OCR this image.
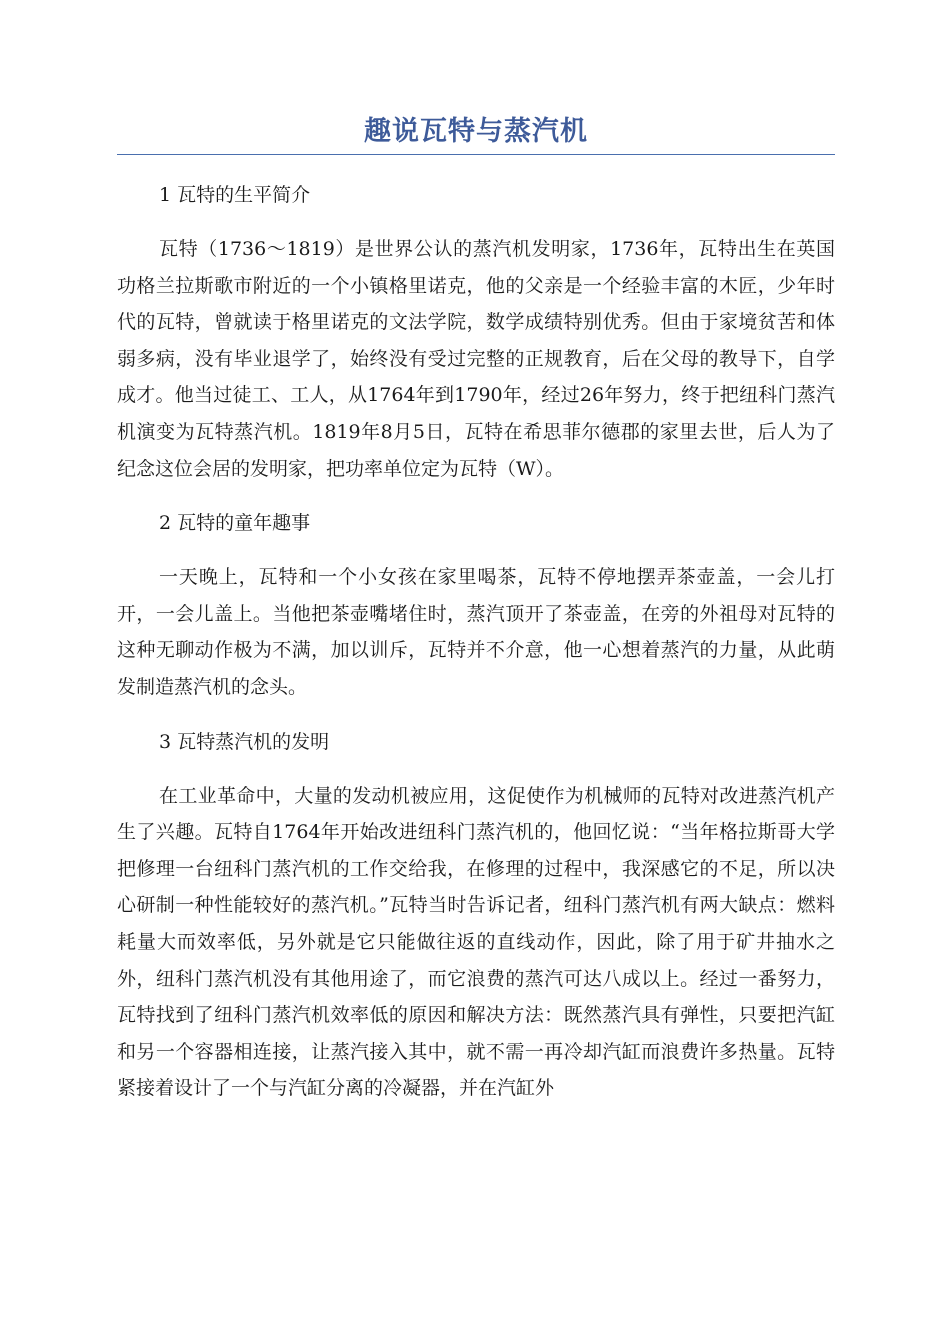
趣说瓦特与蒸汽机

1 瓦特的生平简介

瓦特（1736～1819）是世界公认的蒸汽机发明家，1736年，瓦特出生在英国功格兰拉斯歌市附近的一个小镇格里诺克，他的父亲是一个经验丰富的木匠，少年时代的瓦特，曾就读于格里诺克的文法学院，数学成绩特别优秀。但由于家境贫苦和体弱多病，没有毕业退学了，始终没有受过完整的正规教育，后在父母的教导下，自学成才。他当过徒工、工人，从1764年到1790年，经过26年努力，终于把纽科门蒸汽机演变为瓦特蒸汽机。1819年8月5日，瓦特在希思菲尔德郡的家里去世，后人为了纪念这位会居的发明家，把功率单位定为瓦特（W）。

2 瓦特的童年趣事

一天晚上，瓦特和一个小女孩在家里喝茶，瓦特不停地摆弄茶壶盖，一会儿打开，一会儿盖上。当他把茶壶嘴堵住时，蒸汽顶开了茶壶盖，在旁的外祖母对瓦特的这种无聊动作极为不满，加以训斥，瓦特并不介意，他一心想着蒸汽的力量，从此萌发制造蒸汽机的念头。

3 瓦特蒸汽机的发明

在工业革命中，大量的发动机被应用，这促使作为机械师的瓦特对改进蒸汽机产生了兴趣。瓦特自1764年开始改进纽科门蒸汽机的，他回忆说：“当年格拉斯哥大学把修理一台纽科门蒸汽机的工作交给我，在修理的过程中，我深感它的不足，所以决心研制一种性能较好的蒸汽机。”瓦特当时告诉记者，纽科门蒸汽机有两大缺点：燃料耗量大而效率低，另外就是它只能做往返的直线动作，因此，除了用于矿井抽水之外，纽科门蒸汽机没有其他用途了，而它浪费的蒸汽可达八成以上。经过一番努力，瓦特找到了纽科门蒸汽机效率低的原因和解决方法：既然蒸汽具有弹性，只要把汽缸和另一个容器相连接，让蒸汽接入其中，就不需一再冷却汽缸而浪费许多热量。瓦特紧接着设计了一个与汽缸分离的冷凝器，并在汽缸外
